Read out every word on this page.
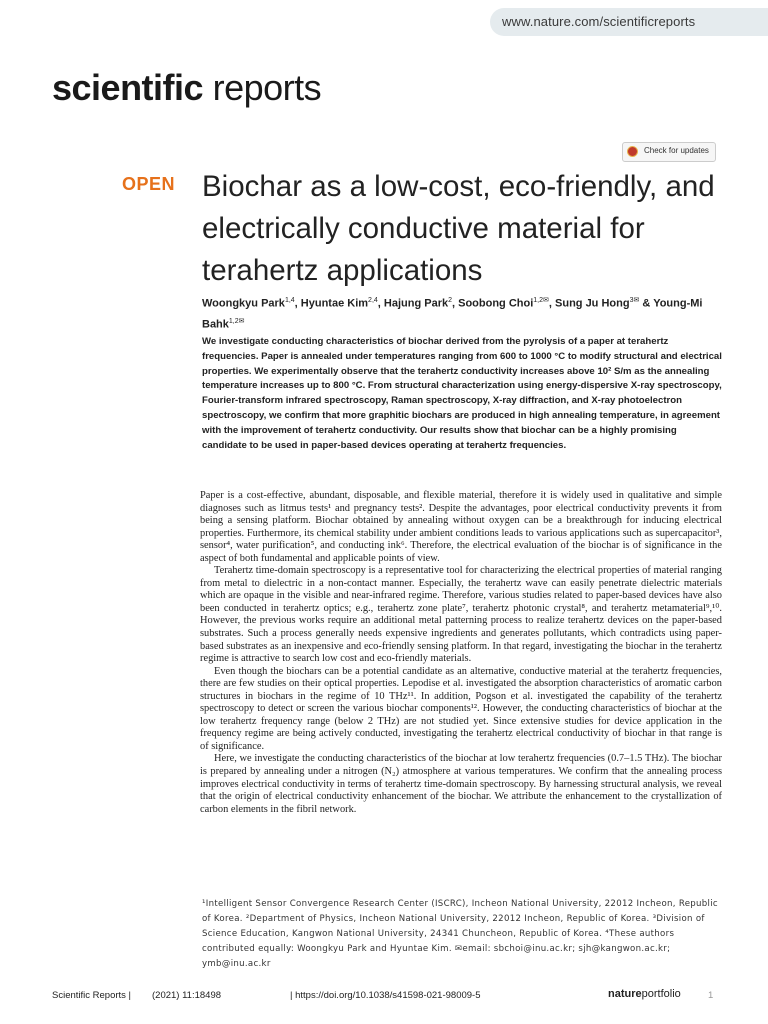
www.nature.com/scientificreports
scientific reports
Check for updates
OPEN Biochar as a low-cost, eco-friendly, and electrically conductive material for terahertz applications
Woongkyu Park$^{1,4}$, Hyuntae Kim$^{2,4}$, Hajung Park$^2$, Soobong Choi$^{1,2✉}$, Sung Ju Hong$^{3✉}$ & Young-Mi Bahk$^{1,2✉}$
We investigate conducting characteristics of biochar derived from the pyrolysis of a paper at terahertz frequencies. Paper is annealed under temperatures ranging from 600 to 1000 °C to modify structural and electrical properties. We experimentally observe that the terahertz conductivity increases above 10² S/m as the annealing temperature increases up to 800 °C. From structural characterization using energy-dispersive X-ray spectroscopy, Fourier-transform infrared spectroscopy, Raman spectroscopy, X-ray diffraction, and X-ray photoelectron spectroscopy, we confirm that more graphitic biochars are produced in high annealing temperature, in agreement with the improvement of terahertz conductivity. Our results show that biochar can be a highly promising candidate to be used in paper-based devices operating at terahertz frequencies.

Paper is a cost-effective, abundant, disposable, and flexible material, therefore it is widely used in qualitative and simple diagnoses such as litmus tests¹ and pregnancy tests². Despite the advantages, poor electrical conductivity prevents it from being a sensing platform. Biochar obtained by annealing without oxygen can be a breakthrough for inducing electrical properties. Furthermore, its chemical stability under ambient conditions leads to various applications such as supercapacitor³, sensor⁴, water purification⁵, and conducting ink⁶. Therefore, the electrical evaluation of the biochar is of significance in the aspect of both fundamental and applicable points of view.

Terahertz time-domain spectroscopy is a representative tool for characterizing the electrical properties of material ranging from metal to dielectric in a non-contact manner. Especially, the terahertz wave can easily penetrate dielectric materials which are opaque in the visible and near-infrared regime. Therefore, various studies related to paper-based devices have also been conducted in terahertz optics; e.g., terahertz zone plate⁷, terahertz photonic crystal⁸, and terahertz metamaterial⁹,¹⁰. However, the previous works require an additional metal patterning process to realize terahertz devices on the paper-based substrates. Such a process generally needs expensive ingredients and generates pollutants, which contradicts using paper-based substrates as an inexpensive and eco-friendly sensing platform. In that regard, investigating the biochar in the terahertz regime is attractive to search low cost and eco-friendly materials.

Even though the biochars can be a potential candidate as an alternative, conductive material at the terahertz frequencies, there are few studies on their optical properties. Lepodise et al. investigated the absorption characteristics of aromatic carbon structures in biochars in the regime of 10 THz¹¹. In addition, Pogson et al. investigated the capability of the terahertz spectroscopy to detect or screen the various biochar components¹². However, the conducting characteristics of biochar at the low terahertz frequency range (below 2 THz) are not studied yet. Since extensive studies for device application in the frequency regime are being actively conducted, investigating the terahertz electrical conductivity of biochar in that range is of significance.

Here, we investigate the conducting characteristics of the biochar at low terahertz frequencies (0.7–1.5 THz). The biochar is prepared by annealing under a nitrogen (N₂) atmosphere at various temperatures. We confirm that the annealing process improves electrical conductivity in terms of terahertz time-domain spectroscopy. By harnessing structural analysis, we reveal that the origin of electrical conductivity enhancement of the biochar. We attribute the enhancement to the crystallization of carbon elements in the fibril network.

¹Intelligent Sensor Convergence Research Center (ISCRC), Incheon National University, 22012 Incheon, Republic of Korea. ²Department of Physics, Incheon National University, 22012 Incheon, Republic of Korea. ³Division of Science Education, Kangwon National University, 24341 Chuncheon, Republic of Korea. ⁴These authors contributed equally: Woongkyu Park and Hyuntae Kim. ✉email: sbchoi@inu.ac.kr; sjh@kangwon.ac.kr; ymb@inu.ac.kr
Scientific Reports | (2021) 11:18498	| https://doi.org/10.1038/s41598-021-98009-5	natureportfolio	1
